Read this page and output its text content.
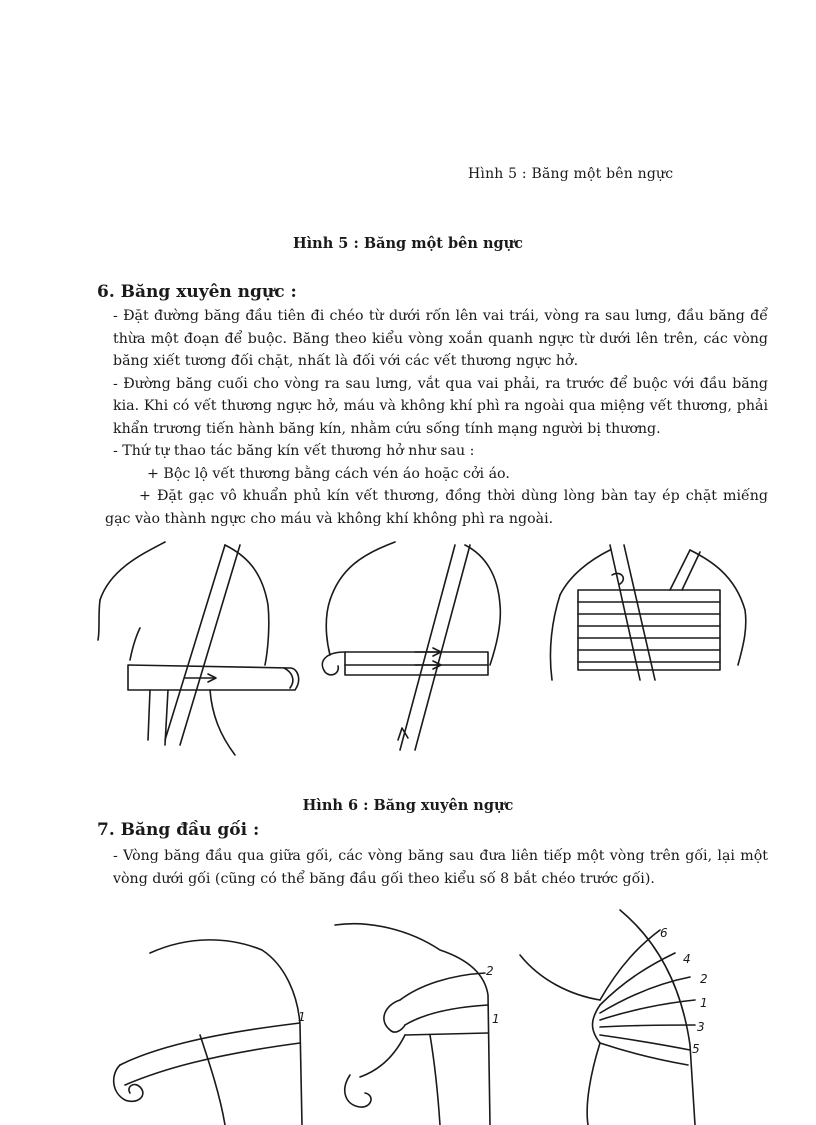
Hình 5 : Băng một bên ngực
Hình 5 : Băng một bên ngực
6. Băng xuyên ngực :

- Đặt đường băng đầu tiên đi chéo từ dưới rốn lên vai trái, vòng ra sau lưng, đầu băng để thừa một đoạn để buộc. Băng theo kiểu vòng xoắn quanh ngực từ dưới lên trên, các vòng băng xiết tương đối chặt, nhất là đối với các vết thương ngực hở.

- Đường băng cuối cho vòng ra sau lưng, vắt qua vai phải, ra trước để buộc với đầu băng kia. Khi có vết thương ngực hở, máu và không khí phì ra ngoài qua miệng vết thương, phải khẩn trương tiến hành băng kín, nhằm cứu sống tính mạng người bị thương.

- Thứ tự thao tác băng kín vết thương hở như sau :

+ Bộc lộ vết thương bằng cách vén áo hoặc cởi áo.

+ Đặt gạc vô khuẩn phủ kín vết thương, đồng thời dùng lòng bàn tay ép chặt miếng gạc vào thành ngực cho máu và không khí không phì ra ngoài.

Hình 6 : Băng xuyên ngực
7. Băng đầu gối :

- Vòng băng đầu qua giữa gối, các vòng băng sau đưa liên tiếp một vòng trên gối, lại một vòng dưới gối (cũng có thể băng đầu gối theo kiểu số 8 bắt chéo trước gối).

1
2
1
6
4
2
1
3
5
